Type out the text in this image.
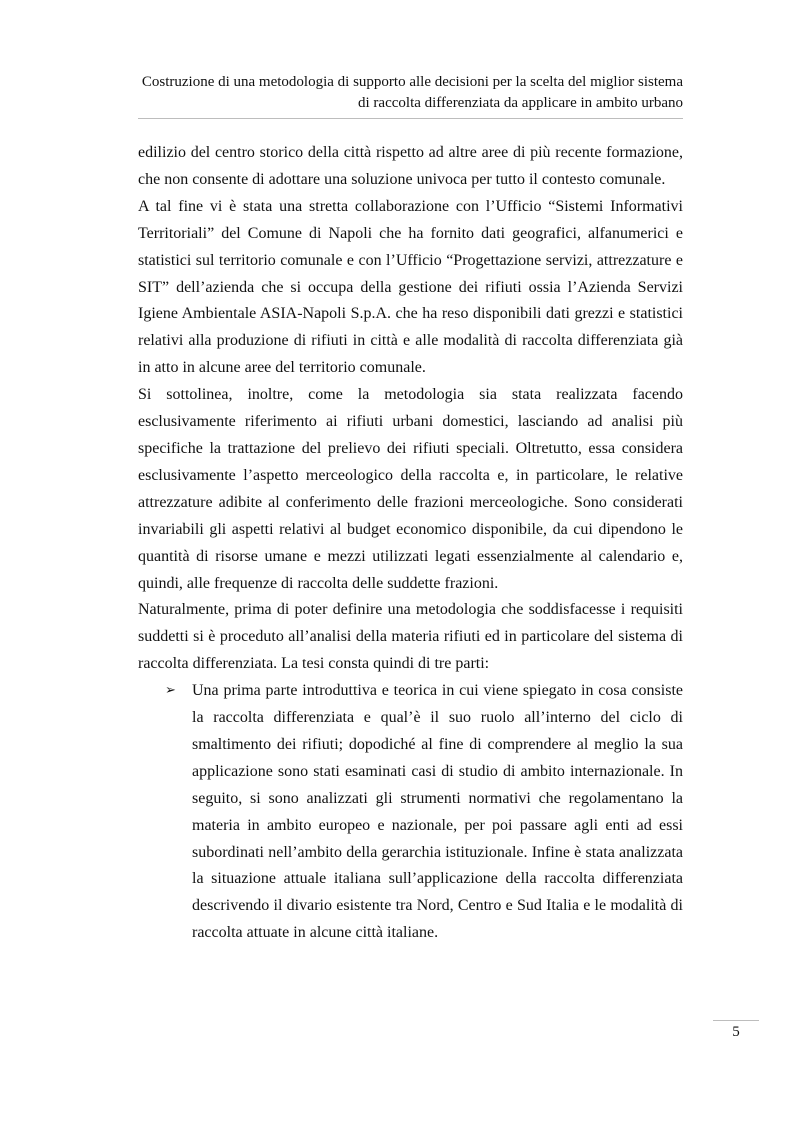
Costruzione di una metodologia di supporto alle decisioni per la scelta del miglior sistema
di raccolta differenziata da applicare in ambito urbano

edilizio del centro storico della città rispetto ad altre aree di più recente formazione, che non consente di adottare una soluzione univoca per tutto il contesto comunale.

A tal fine vi è stata una stretta collaborazione con l’Ufficio “Sistemi Informativi Territoriali” del Comune di Napoli che ha fornito dati geografici, alfanumerici e statistici sul territorio comunale e con l’Ufficio “Progettazione servizi, attrezzature e SIT” dell’azienda che si occupa della gestione dei rifiuti ossia l’Azienda Servizi Igiene Ambientale ASIA-Napoli S.p.A. che ha reso disponibili dati grezzi e statistici relativi alla produzione di rifiuti in città e alle modalità di raccolta differenziata già in atto in alcune aree del territorio comunale.

Si sottolinea, inoltre, come la metodologia sia stata realizzata facendo esclusivamente riferimento ai rifiuti urbani domestici, lasciando ad analisi più specifiche la trattazione del prelievo dei rifiuti speciali. Oltretutto, essa considera esclusivamente l’aspetto merceologico della raccolta e, in particolare, le relative attrezzature adibite al conferimento delle frazioni merceologiche. Sono considerati invariabili gli aspetti relativi al budget economico disponibile, da cui dipendono le quantità di risorse umane e mezzi utilizzati legati essenzialmente al calendario e, quindi, alle frequenze di raccolta delle suddette frazioni.

Naturalmente, prima di poter definire una metodologia che soddisfacesse i requisiti suddetti si è proceduto all’analisi della materia rifiuti ed in particolare del sistema di raccolta differenziata. La tesi consta quindi di tre parti:

➢ Una prima parte introduttiva e teorica in cui viene spiegato in cosa consiste la raccolta differenziata e qual’è il suo ruolo all’interno del ciclo di smaltimento dei rifiuti; dopodiché al fine di comprendere al meglio la sua applicazione sono stati esaminati casi di studio di ambito internazionale. In seguito, si sono analizzati gli strumenti normativi che regolamentano la materia in ambito europeo e nazionale, per poi passare agli enti ad essi subordinati nell’ambito della gerarchia istituzionale. Infine è stata analizzata la situazione attuale italiana sull’applicazione della raccolta differenziata descrivendo il divario esistente tra Nord, Centro e Sud Italia e le modalità di raccolta attuate in alcune città italiane.
5
